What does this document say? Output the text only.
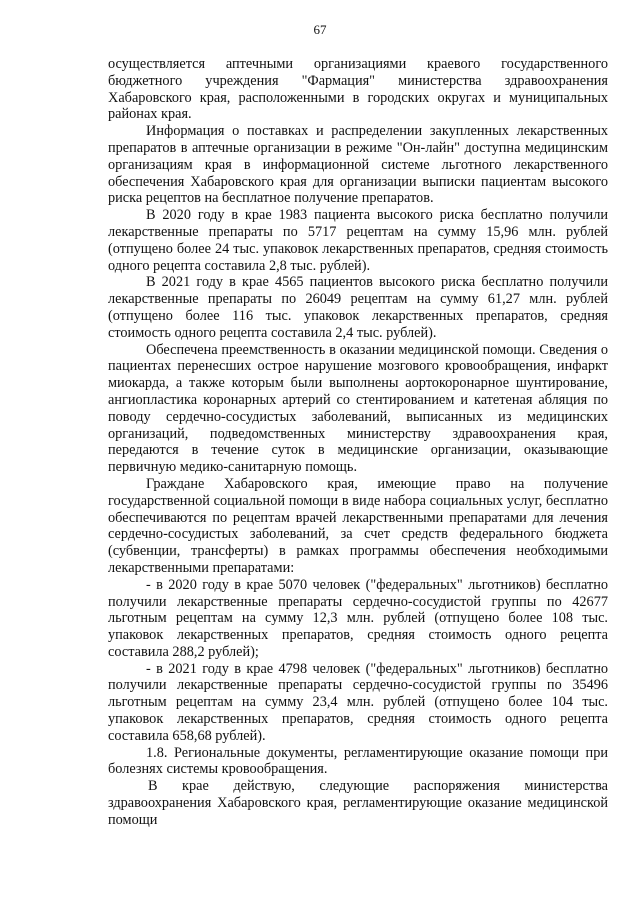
67

осуществляется аптечными организациями краевого государственного бюджетного учреждения "Фармация" министерства здравоохранения Хабаровского края, расположенными в городских округах и муниципальных районах края.

Информация о поставках и распределении закупленных лекарственных препаратов в аптечные организации в режиме "Он-лайн" доступна медицинским организациям края в информационной системе льготного лекарственного обеспечения Хабаровского края для организации выписки пациентам высокого риска рецептов на бесплатное получение препаратов.

В 2020 году в крае 1983 пациента высокого риска бесплатно получили лекарственные препараты по 5717 рецептам на сумму 15,96 млн. рублей (отпущено более 24 тыс. упаковок лекарственных препаратов, средняя стоимость одного рецепта составила 2,8 тыс. рублей).

В 2021 году в крае 4565 пациентов высокого риска бесплатно получили лекарственные препараты по 26049 рецептам на сумму 61,27 млн. рублей (отпущено более 116 тыс. упаковок лекарственных препаратов, средняя стоимость одного рецепта составила 2,4 тыс. рублей).

Обеспечена преемственность в оказании медицинской помощи. Сведения о пациентах перенесших острое нарушение мозгового кровообращения, инфаркт миокарда, а также которым были выполнены аортокоронарное шунтирование, ангиопластика коронарных артерий со стентированием и катетеная абляция по поводу сердечно-сосудистых заболеваний, выписанных из медицинских организаций, подведомственных министерству здравоохранения края, передаются в течение суток в медицинские организации, оказывающие первичную медико-санитарную помощь.

Граждане Хабаровского края, имеющие право на получение государственной социальной помощи в виде набора социальных услуг, бесплатно обеспечиваются по рецептам врачей лекарственными препаратами для лечения сердечно-сосудистых заболеваний, за счет средств федерального бюджета (субвенции, трансферты) в рамках программы обеспечения необходимыми лекарственными препаратами:

- в 2020 году в крае 5070 человек ("федеральных" льготников) бесплатно получили лекарственные препараты сердечно-сосудистой группы по 42677 льготным рецептам на сумму 12,3 млн. рублей (отпущено более 108 тыс. упаковок лекарственных препаратов, средняя стоимость одного рецепта составила 288,2 рублей);

- в 2021 году в крае 4798 человек ("федеральных" льготников) бесплатно получили лекарственные препараты сердечно-сосудистой группы по 35496 льготным рецептам на сумму 23,4 млн. рублей (отпущено более 104 тыс. упаковок лекарственных препаратов, средняя стоимость одного рецепта составила 658,68 рублей).

1.8. Региональные документы, регламентирующие оказание помощи при болезнях системы кровообращения.

В крае действую, следующие распоряжения министерства здравоохранения Хабаровского края, регламентирующие оказание медицинской помощи
